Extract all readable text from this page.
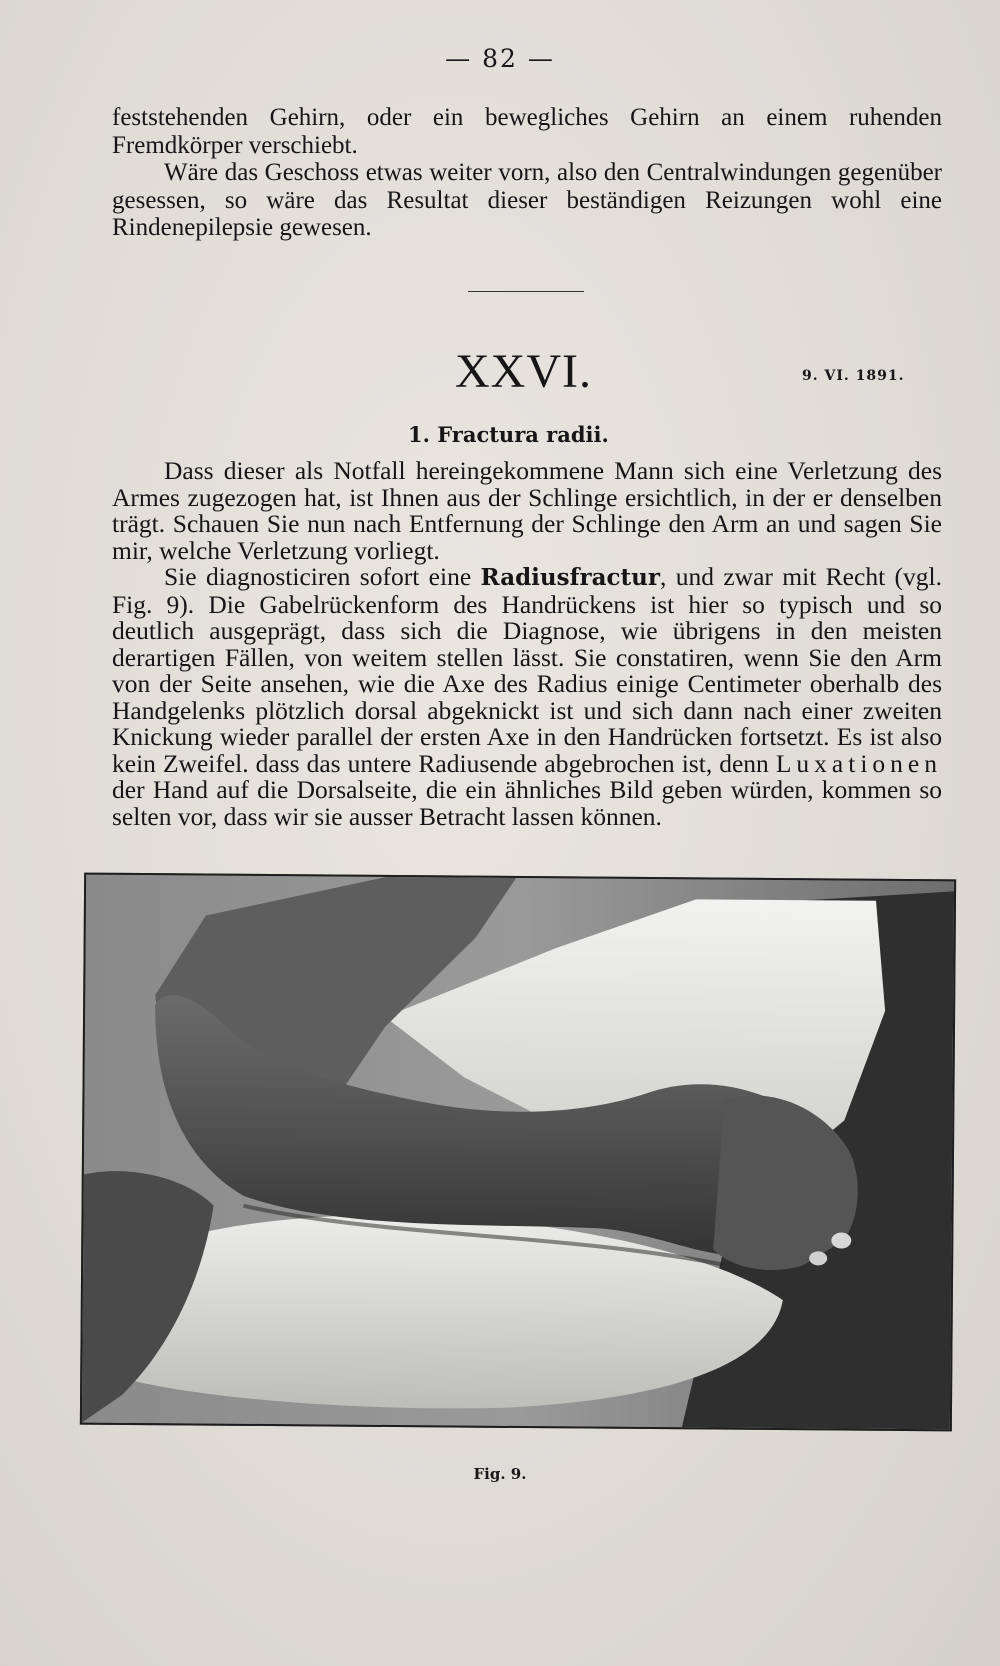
— 82 —

feststehenden Gehirn, oder ein bewegliches Gehirn an einem ruhenden Fremdkörper verschiebt.

Wäre das Geschoss etwas weiter vorn, also den Centralwindungen gegenüber gesessen, so wäre das Resultat dieser beständigen Reizungen wohl eine Rindenepilepsie gewesen.

XXVI.	9. VI. 1891.
1. Fractura radii.

Dass dieser als Notfall hereingekommene Mann sich eine Verletzung des Armes zugezogen hat, ist Ihnen aus der Schlinge ersichtlich, in der er denselben trägt. Schauen Sie nun nach Entfernung der Schlinge den Arm an und sagen Sie mir, welche Verletzung vorliegt.

Sie diagnosticiren sofort eine Radiusfractur, und zwar mit Recht (vgl. Fig. 9). Die Gabelrückenform des Handrückens ist hier so typisch und so deutlich ausgeprägt, dass sich die Diagnose, wie übrigens in den meisten derartigen Fällen, von weitem stellen lässt. Sie constatiren, wenn Sie den Arm von der Seite ansehen, wie die Axe des Radius einige Centimeter oberhalb des Handgelenks plötzlich dorsal abgeknickt ist und sich dann nach einer zweiten Knickung wieder parallel der ersten Axe in den Handrücken fortsetzt. Es ist also kein Zweifel. dass das untere Radiusende abgebrochen ist, denn Luxationen der Hand auf die Dorsalseite, die ein ähnliches Bild geben würden, kommen so selten vor, dass wir sie ausser Betracht lassen können.

Fig. 9.
